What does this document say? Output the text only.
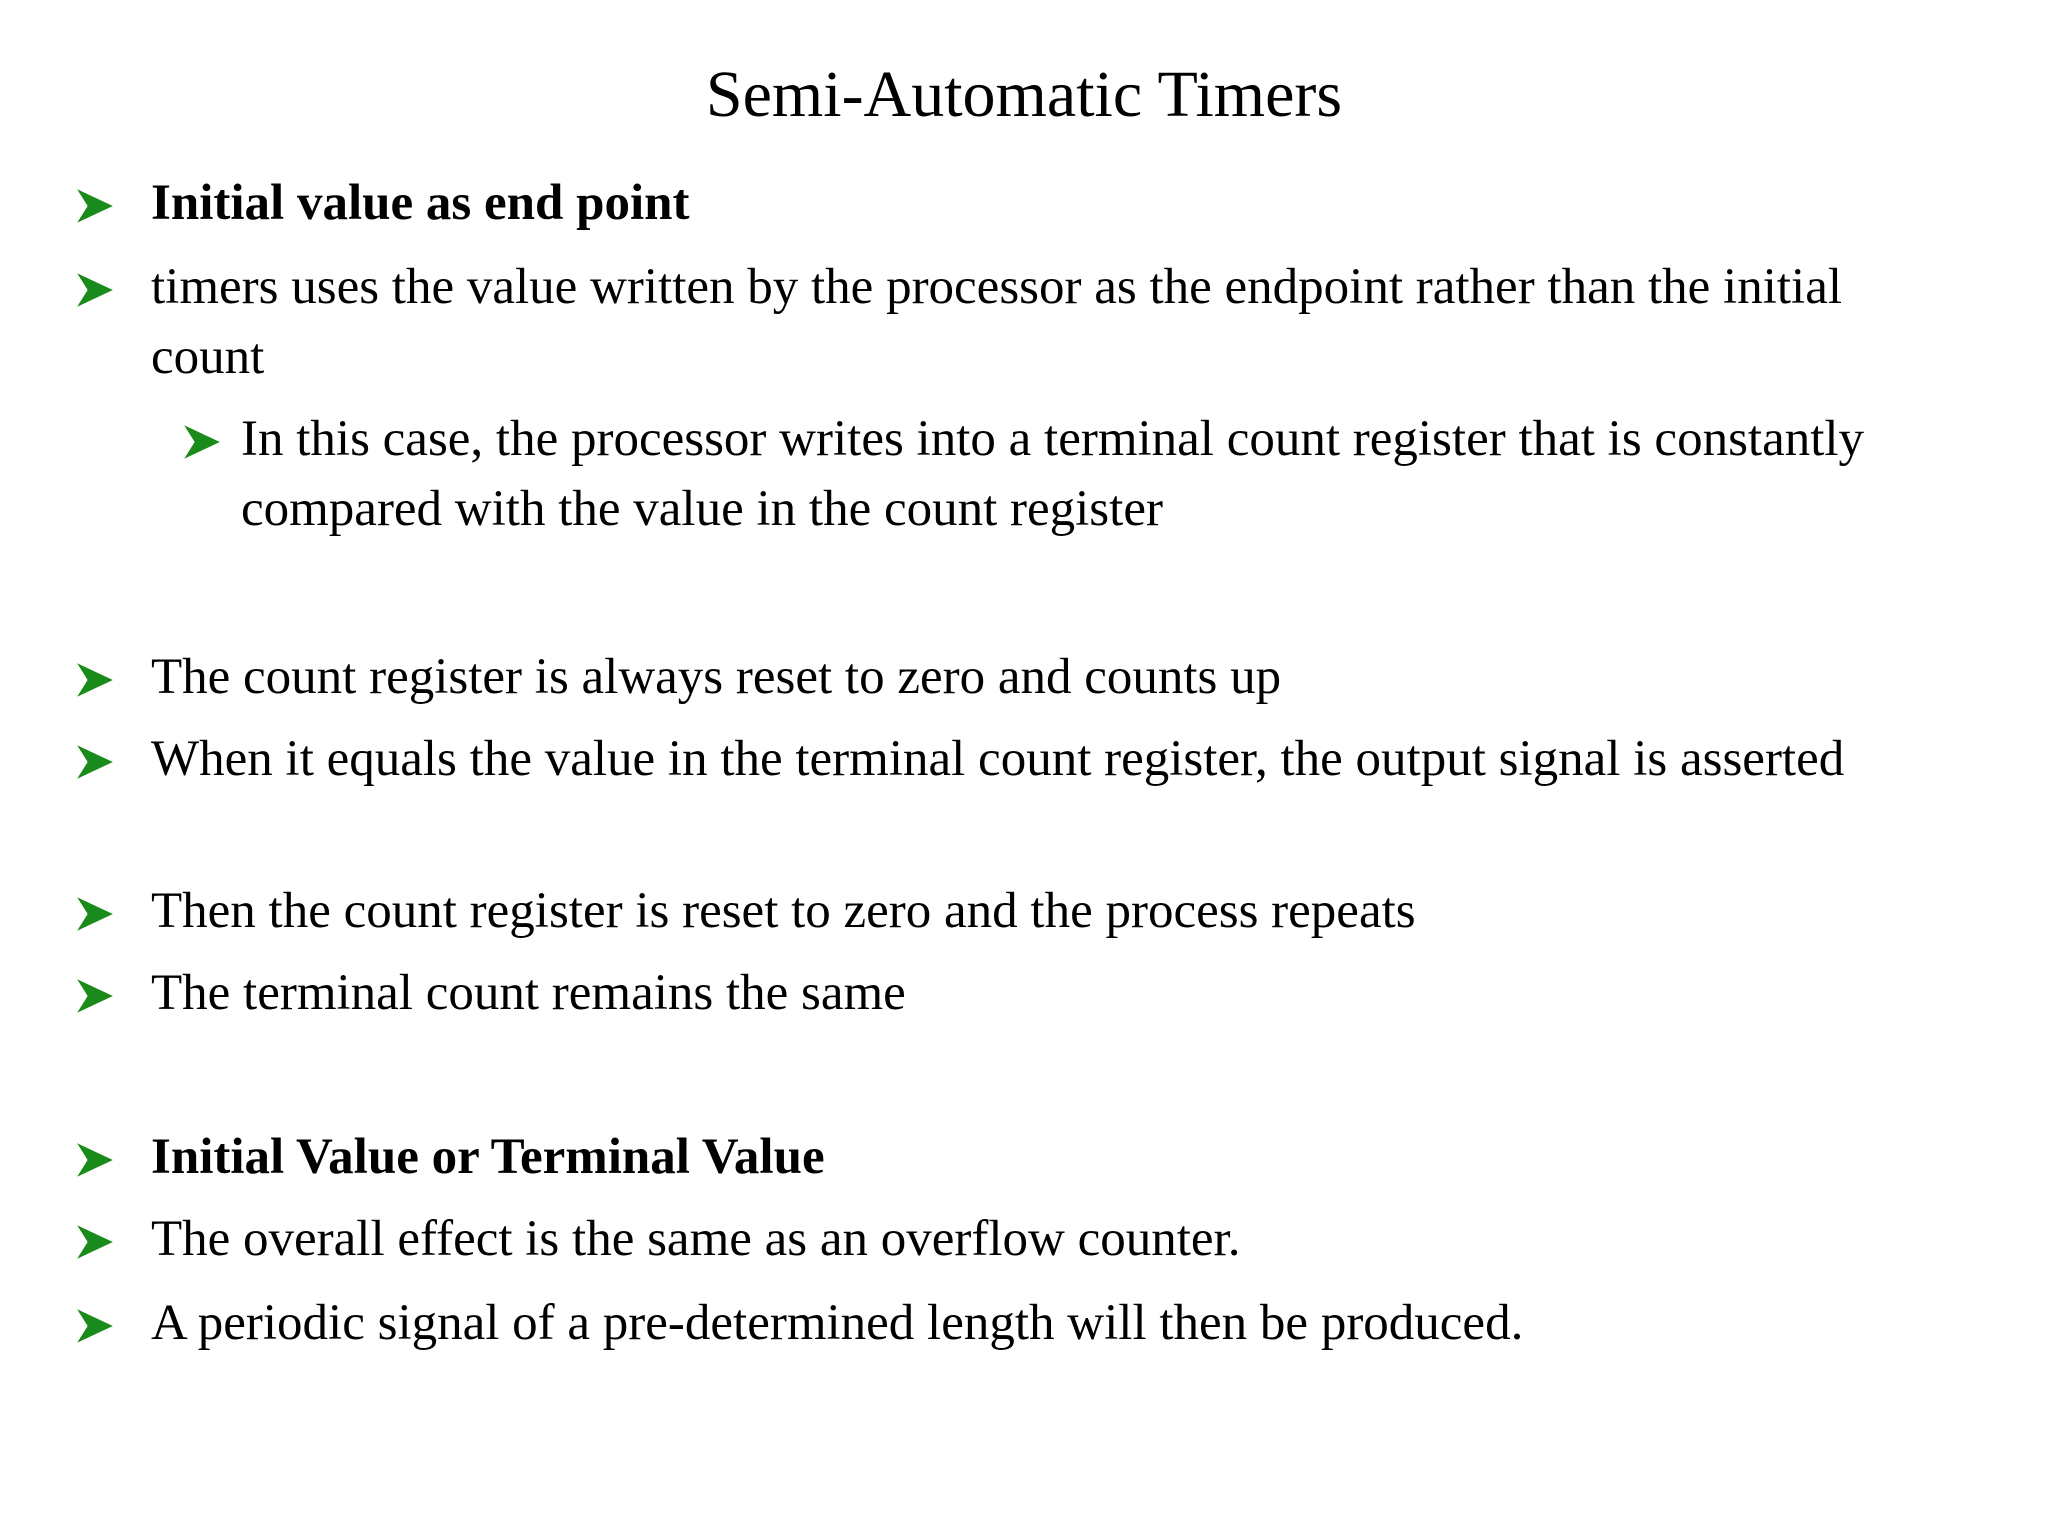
Semi-Automatic Timers
Initial value as end point
timers uses the value written by the processor as the endpoint rather than the initial count
In this case, the processor writes into a terminal count register that is constantly compared with the value in the count register
The count register is always reset to zero and counts up
When it equals the value in the terminal count register, the output signal is asserted
Then the count register is reset to zero and the process repeats
The terminal count remains the same
Initial Value or Terminal Value
The overall effect is the same as an overflow counter.
A periodic signal of a pre-determined length will then be produced.
